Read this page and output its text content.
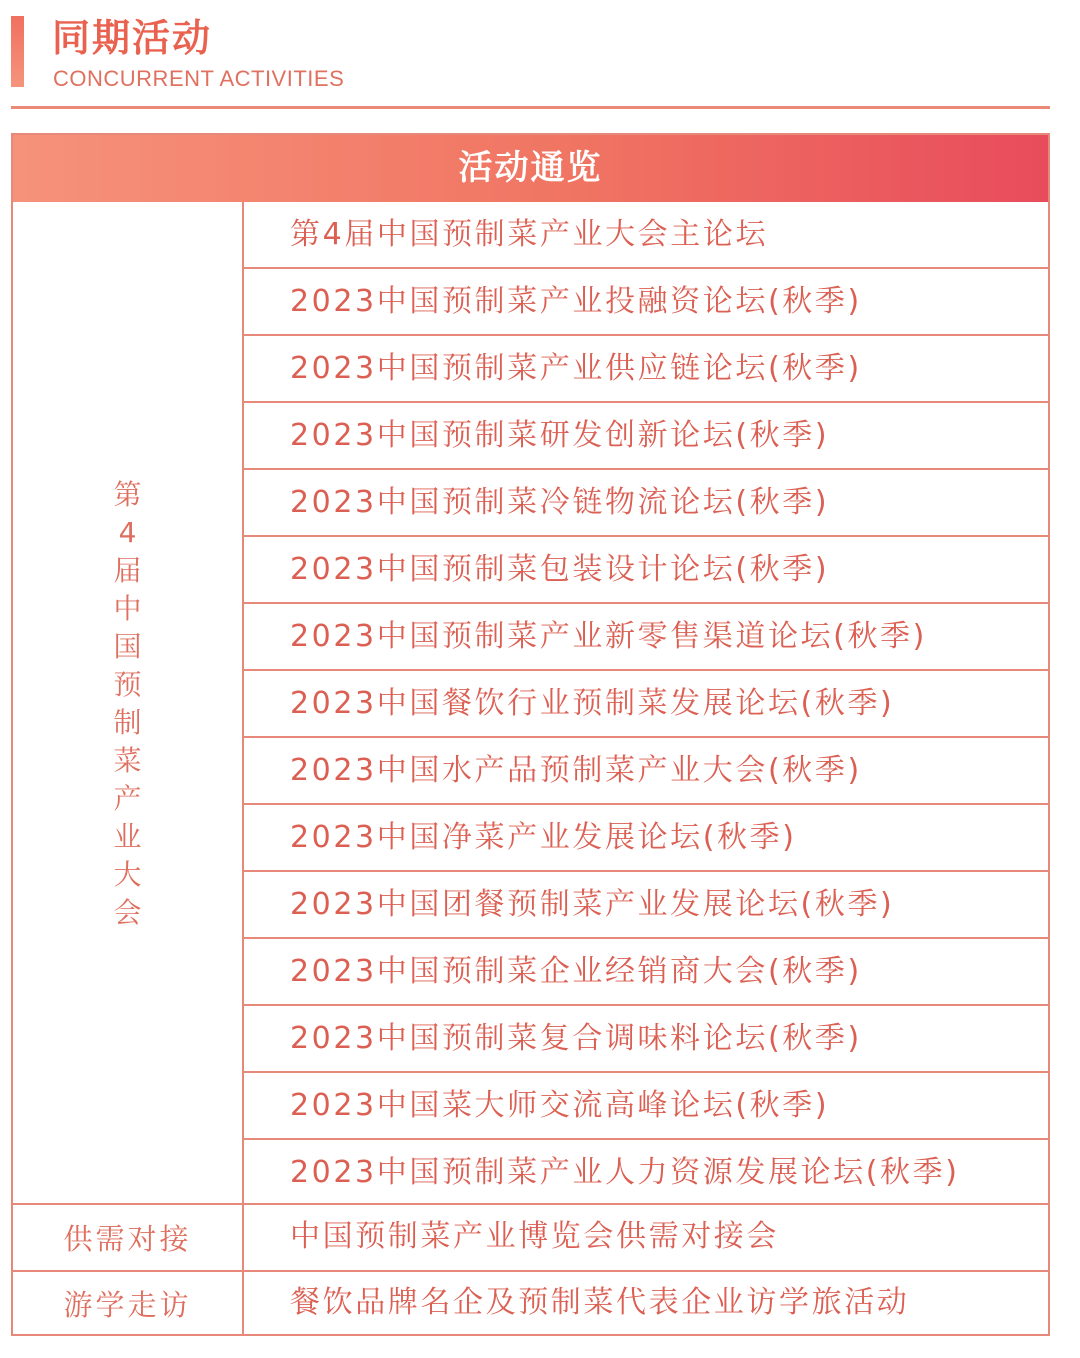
同期活动
CONCURRENT ACTIVITIES
活动通览
第4届中国预制菜产业大会
第4届中国预制菜产业大会主论坛
2023中国预制菜产业投融资论坛(秋季)
2023中国预制菜产业供应链论坛(秋季)
2023中国预制菜研发创新论坛(秋季)
2023中国预制菜冷链物流论坛(秋季)
2023中国预制菜包装设计论坛(秋季)
2023中国预制菜产业新零售渠道论坛(秋季)
2023中国餐饮行业预制菜发展论坛(秋季)
2023中国水产品预制菜产业大会(秋季)
2023中国净菜产业发展论坛(秋季)
2023中国团餐预制菜产业发展论坛(秋季)
2023中国预制菜企业经销商大会(秋季)
2023中国预制菜复合调味料论坛(秋季)
2023中国菜大师交流高峰论坛(秋季)
2023中国预制菜产业人力资源发展论坛(秋季)
供需对接	中国预制菜产业博览会供需对接会
游学走访	餐饮品牌名企及预制菜代表企业访学旅活动
